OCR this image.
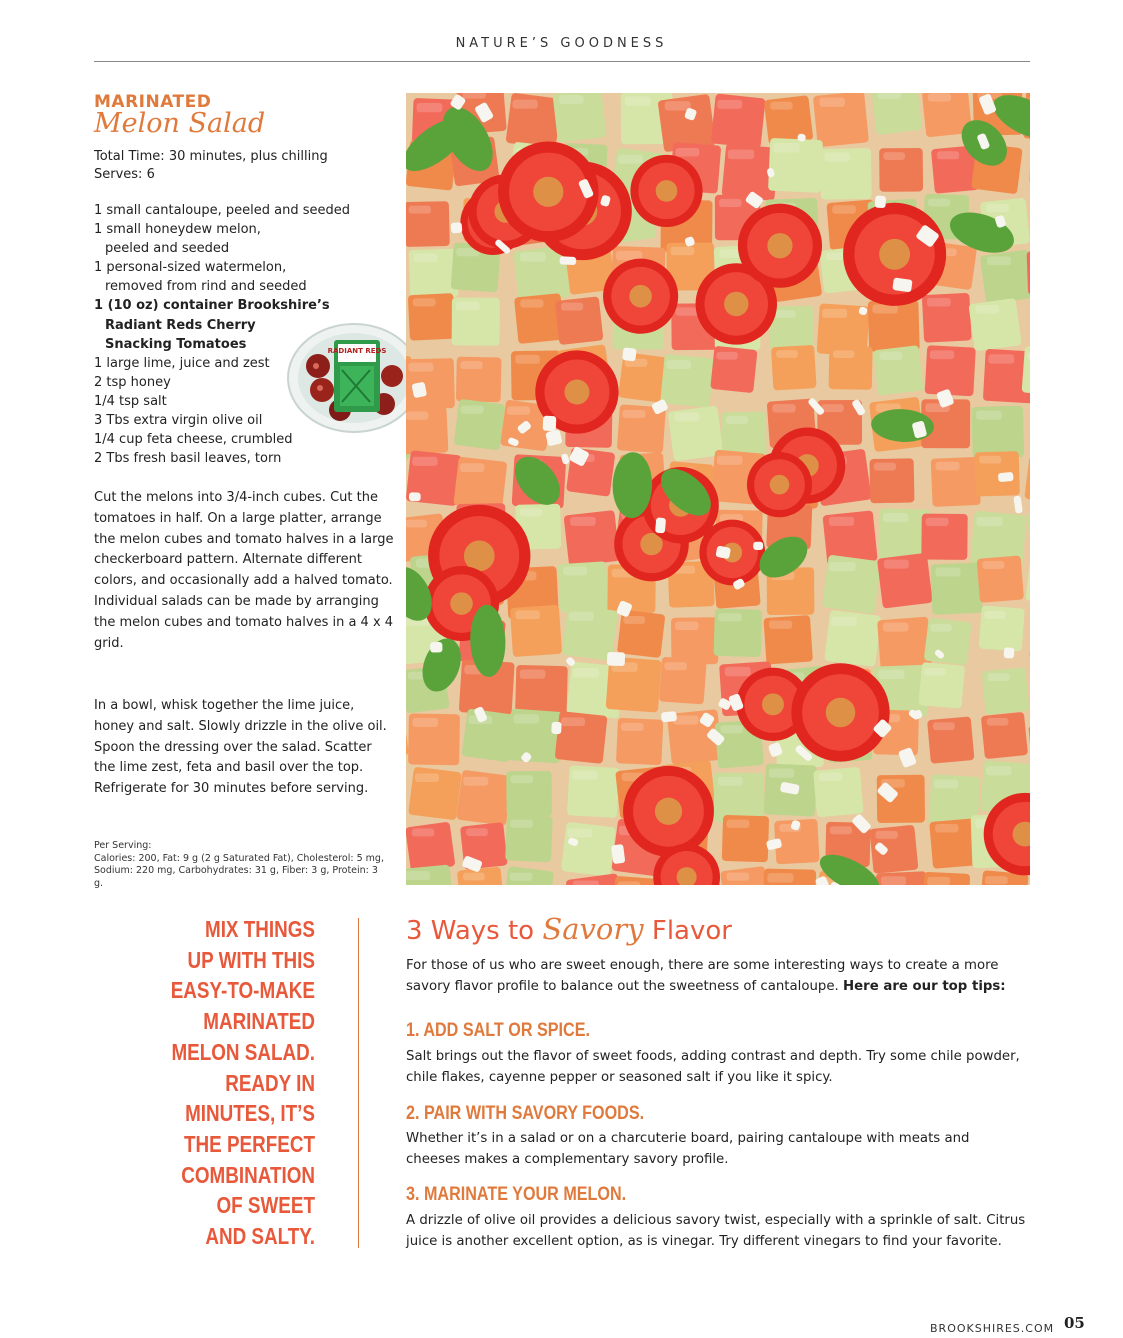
NATURE’S GOODNESS
MARINATED
Melon Salad
Total Time: 30 minutes, plus chilling
Serves: 6
1 small cantaloupe, peeled and seeded
1 small honeydew melon,
peeled and seeded
1 personal-sized watermelon,
removed from rind and seeded
1 (10 oz) container Brookshire’s
Radiant Reds Cherry
Snacking Tomatoes
1 large lime, juice and zest
2 tsp honey
1/4 tsp salt
3 Tbs extra virgin olive oil
1/4 cup feta cheese, crumbled
2 Tbs fresh basil leaves, torn
RADIANT REDS
Cut the melons into 3/4-inch cubes. Cut the tomatoes in half. On a large platter, arrange the melon cubes and tomato halves in a large checkerboard pattern. Alternate different colors, and occasionally add a halved tomato. Individual salads can be made by arranging the melon cubes and tomato halves in a 4 x 4 grid.
In a bowl, whisk together the lime juice, honey and salt. Slowly drizzle in the olive oil. Spoon the dressing over the salad. Scatter the lime zest, feta and basil over the top. Refrigerate for 30 minutes before serving.
Per Serving:
Calories: 200, Fat: 9 g (2 g Saturated Fat), Cholesterol: 5 mg,
Sodium: 220 mg, Carbohydrates: 31 g, Fiber: 3 g, Protein: 3 g.
MIX THINGS
UP WITH THIS
EASY-TO-MAKE
MARINATED
MELON SALAD.
READY IN
MINUTES, IT’S
THE PERFECT
COMBINATION
OF SWEET
AND SALTY.
3 Ways to Savory Flavor
For those of us who are sweet enough, there are some interesting ways to create a more savory flavor profile to balance out the sweetness of cantaloupe. Here are our top tips:
1. ADD SALT OR SPICE.
Salt brings out the flavor of sweet foods, adding contrast and depth. Try some chile powder, chile flakes, cayenne pepper or seasoned salt if you like it spicy.
2. PAIR WITH SAVORY FOODS.
Whether it’s in a salad or on a charcuterie board, pairing cantaloupe with meats and cheeses makes a complementary savory profile.
3. MARINATE YOUR MELON.
A drizzle of olive oil provides a delicious savory twist, especially with a sprinkle of salt. Citrus juice is another excellent option, as is vinegar. Try different vinegars to find your favorite.
BROOKSHIRES.COM 05
